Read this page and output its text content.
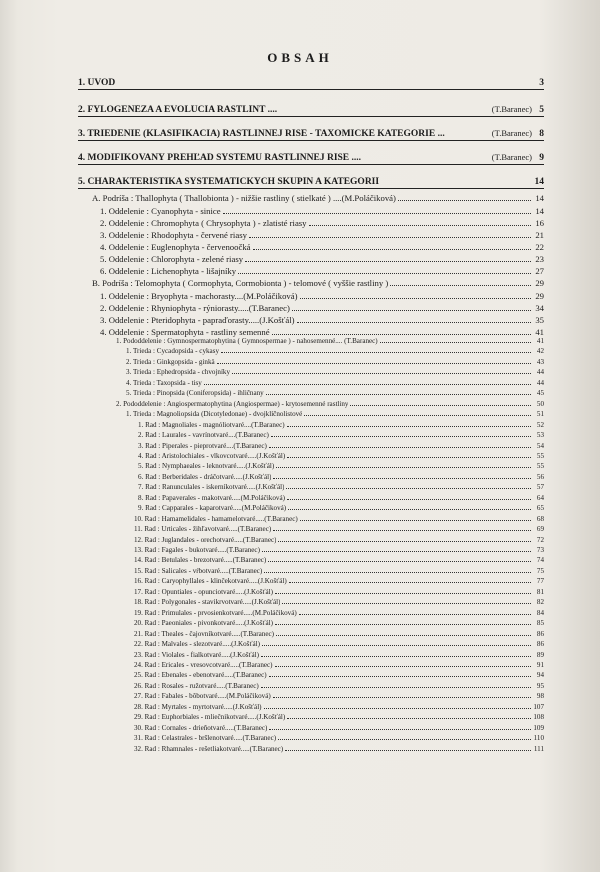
OBSAH
1. ÚVOD	3
2. FYLOGENÉZA A EVOLÚCIA RASTLÍNT ....	(T.Baranec) 5
3. TRIEDENIE (KLASIFIKÁCIA) RASTLINNEJ RÍŠE - TAXOMICKÉ KATEGÓRIE ...	(T.Baranec) 8
4. MODIFIKOVANÝ PREHĽAD SYSTÉMU RASTLINNEJ RÍŠE ....	(T.Baranec) 9
5. CHARAKTERISTIKA SYSTEMATICKÝCH SKUPÍN A KATEGÓRIÍ	14
A. Podríša : Thallophyta ( Thallobionta ) - nižšie rastliny ( stielkaté ) ....(M.Poláčiková)	14
1. Oddelenie : Cyanophyta - sinice	14
2. Oddelenie : Chromophyta ( Chrysophyta ) - zlatisté riasy	16
3. Oddelenie : Rhodophyta - červené riasy	21
4. Oddelenie : Euglenophyta - červenoočká	22
5. Oddelenie : Chlorophyta - zelené riasy	23
6. Oddelenie : Lichenophyta - lišajníky	27
B. Podríša : Telomophyta ( Cormophyta, Cormobionta ) - telomové ( vyššie rastliny )	29
1. Oddelenie : Bryophyta - machorasty....(M.Poláčiková)	29
2. Oddelenie : Rhyniophyta - rýniorasty.....(T.Baranec)	34
3. Oddelenie : Pteridophyta - papraďorasty.....(J.Košťál)	35
4. Oddelenie : Spermatophyta - rastliny semenné	41
1. Pododdelenie : Gymnospermatophytina ( Gymnospermae ) - nahosemenné.... (T.Baranec)	41
1. Trieda : Cycadopsida - cykasy	42
2. Trieda : Ginkgopsida - ginkä	43
3. Trieda : Ephedropsida - chvojníky	44
4. Trieda : Taxopsida - tisy	44
5. Trieda : Pinopsida (Coniferopsida) - ihličnany	45
2. Pododdelenie : Angiospermatophytina (Angiospermae) - krytosemenné rastliny	50
1. Trieda : Magnoliopsida (Dicotyledonae) - dvojklíčnolistové	51
1. Rad : Magnoliales - magnóliotvaré....(T.Baranec)	52
2. Rad : Laurales - vavrínotvaré....(T.Baranec)	53
3. Rad : Piperales - pieprotvaré....(T.Baranec)	54
4. Rad : Aristolochiales - vlkovcotvaré.....(J.Košťál)	55
5. Rad : Nymphaeales - leknotvaré.....(J.Košťál)	55
6. Rad : Berberidales - dráčotvaré.....(J.Košťál)	56
7. Rad : Ranunculales - iskerníkotvaré.....(J.Košťál)	57
8. Rad : Papaverales - makotvaré.....(M.Poláčiková)	64
9. Rad : Capparales - kaparotvaré.....(M.Poláčiková)	65
10. Rad : Hamamelidales - hamamelotvaré.....(T.Baranec)	68
11. Rad : Urticales - žihľavotvaré.....(T.Baranec)	69
12. Rad : Juglandales - orechotvaré.....(T.Baranec)	72
13. Rad : Fagales - bukotvaré.....(T.Baranec)	73
14. Rad : Betulales - brezotvaré.....(T.Baranec)	74
15. Rad : Salicales - vŕbotvaré.....(T.Baranec)	75
16. Rad : Caryophyllales - klinčekotvaré.....(J.Košťál)	77
17. Rad : Opuntiales - opunciotvaré.....(J.Košťál)	81
18. Rad : Polygonales - stavikrvotvaré.....(J.Košťál)	82
19. Rad : Primulales - prvosienkotvaré.....(M.Poláčiková)	84
20. Rad : Paeoniales - pivonkotvaré.....(J.Košťál)	85
21. Rad : Theales - čajovníkotvaré.....(T.Baranec)	86
22. Rad : Malvales - slezotvaré.....(J.Košťál)	86
23. Rad : Violales - fialkotvaré.....(J.Košťál)	89
24. Rad : Ericales - vresovcotvaré.....(T.Baranec)	91
25. Rad : Ebenales - ebenotvaré.....(T.Baranec)	94
26. Rad : Rosales - ružotvaré.....(T.Baranec)	95
27. Rad : Fabales - bôbotvaré.....(M.Poláčiková)	98
28. Rad : Myrtales - myrtotvaré.....(J.Košťál)	107
29. Rad : Euphorbiales - mliečnikotvaré.....(J.Košťál)	108
30. Rad : Cornales - drieňotvaré.....(T.Baranec)	109
31. Rad : Celastrales - bršlenotvaré.....(T.Baranec)	110
32. Rad : Rhamnales - rešetliakotvaré.....(T.Baranec)	111
